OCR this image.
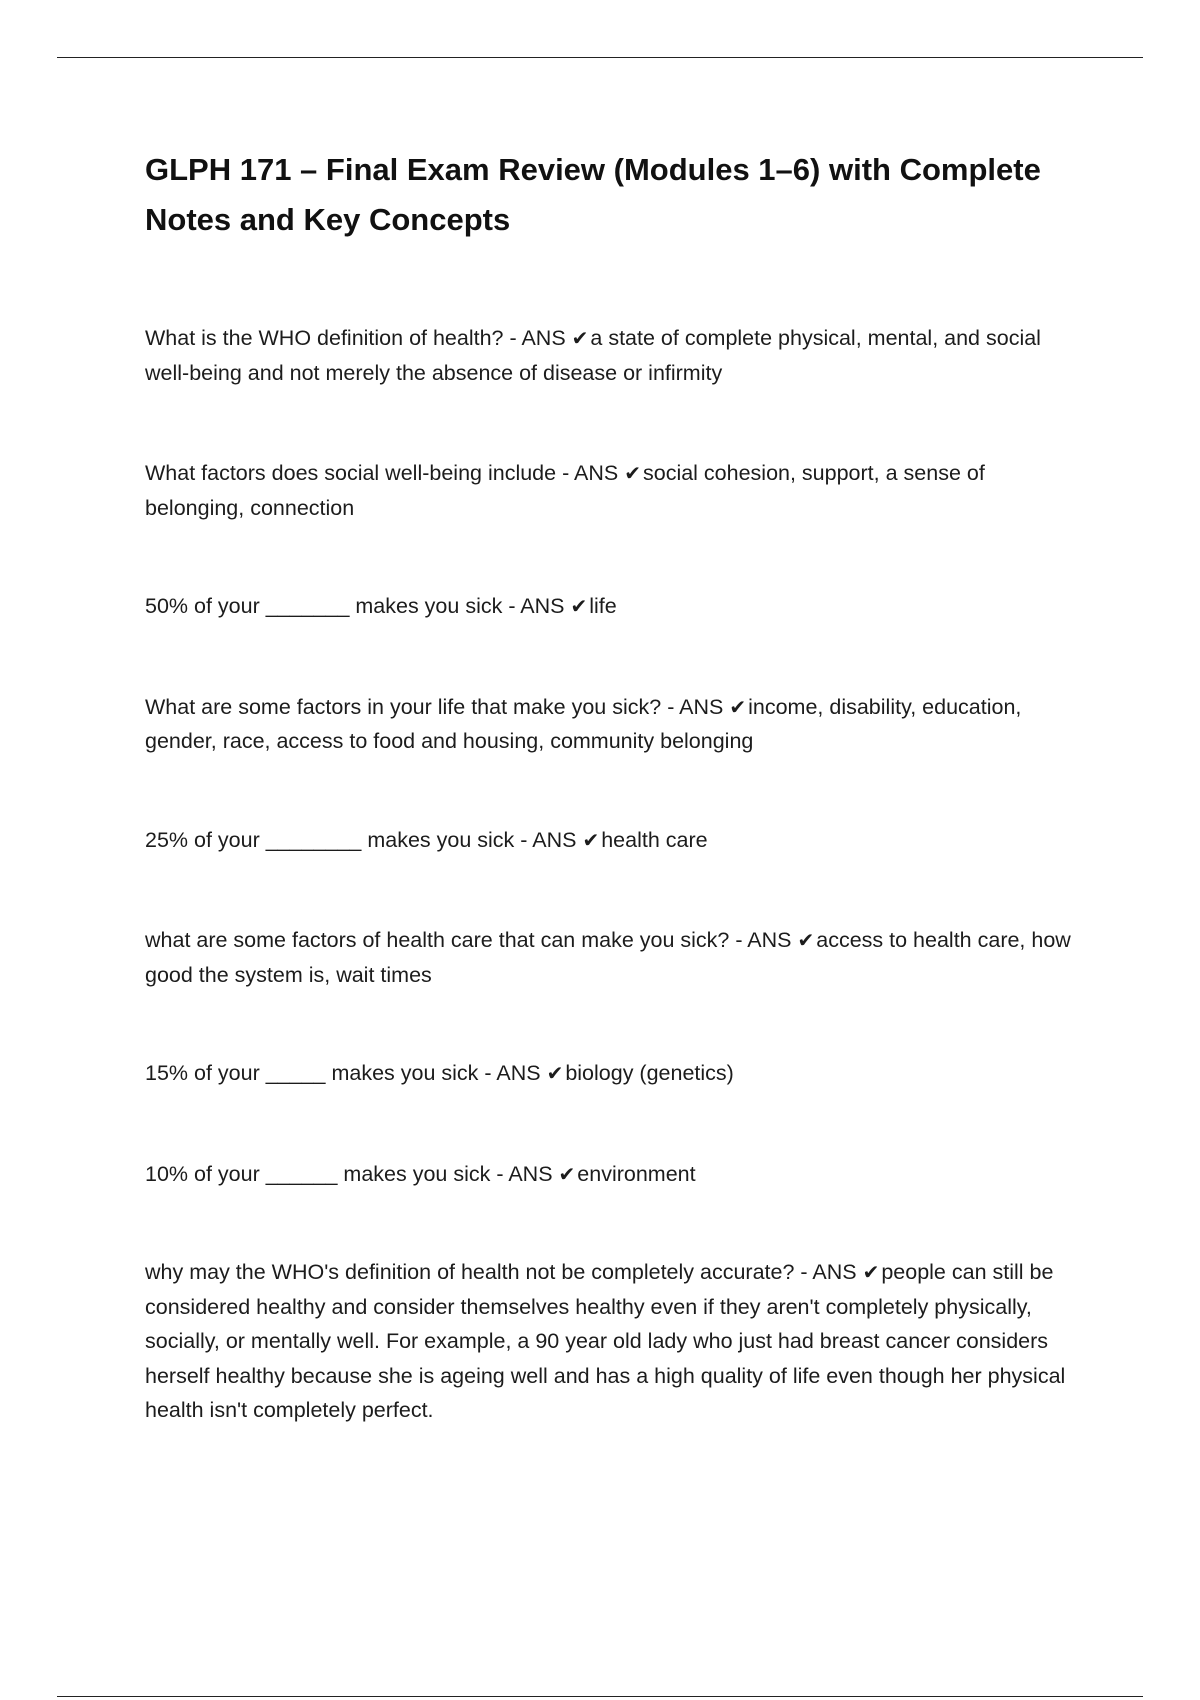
GLPH 171 – Final Exam Review (Modules 1–6) with Complete Notes and Key Concepts

What is the WHO definition of health? - ANS ✔a state of complete physical, mental, and social well-being and not merely the absence of disease or infirmity

What factors does social well-being include - ANS ✔social cohesion, support, a sense of belonging, connection

50% of your _______ makes you sick - ANS ✔life

What are some factors in your life that make you sick? - ANS ✔income, disability, education, gender, race, access to food and housing, community belonging

25% of your ________ makes you sick - ANS ✔health care

what are some factors of health care that can make you sick? - ANS ✔access to health care, how good the system is, wait times

15% of your _____ makes you sick - ANS ✔biology (genetics)

10% of your ______ makes you sick - ANS ✔environment

why may the WHO's definition of health not be completely accurate? - ANS ✔people can still be considered healthy and consider themselves healthy even if they aren't completely physically, socially, or mentally well. For example, a 90 year old lady who just had breast cancer considers herself healthy because she is ageing well and has a high quality of life even though her physical health isn't completely perfect.
